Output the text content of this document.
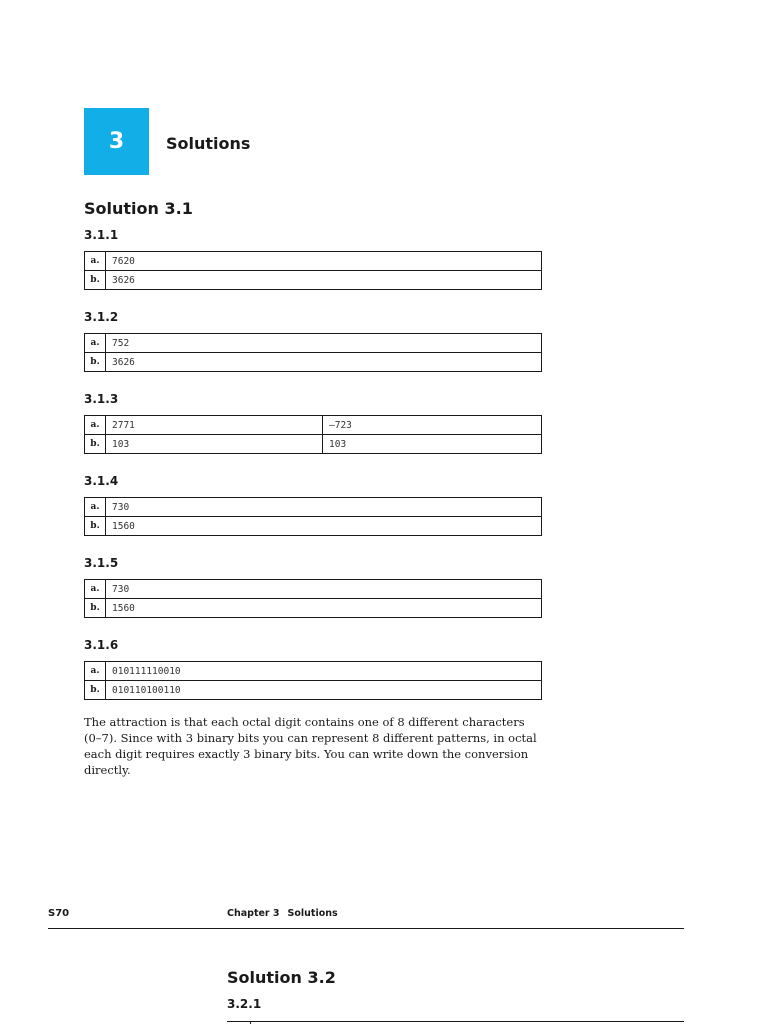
3	Solutions
Solution 3.1
3.1.1
a.	7620
b.	3626
3.1.2
a.	752
b.	3626
3.1.3
a.	2771	–723
b.	103	103
3.1.4
a.	730
b.	1560
3.1.5
a.	730
b.	1560
3.1.6
a.	010111110010
b.	010110100110
The attraction is that each octal digit contains one of 8 different characters (0–7). Since with 3 binary bits you can represent 8 different patterns, in octal each digit requires exactly 3 binary bits. You can write down the conversion directly.
S70	Chapter 3 Solutions
Solution 3.2
3.2.1
